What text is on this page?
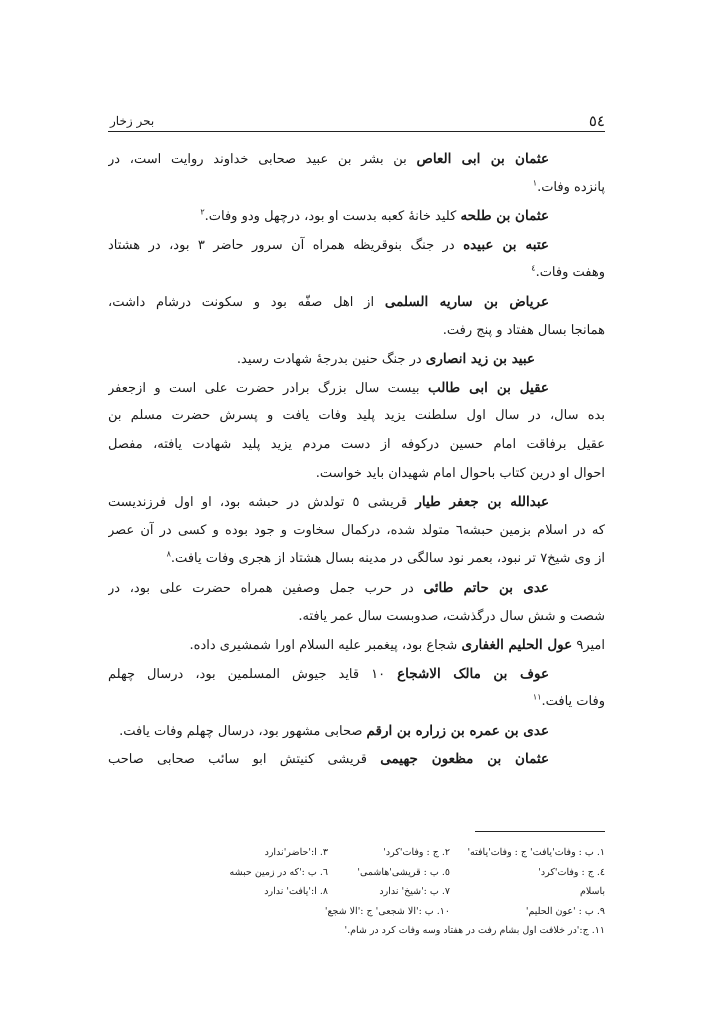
٥٤
بحر زخار
عثمان بن ابی العاص بن بشر بن عبید صحابی خداوند روایت است، در
پانزده وفات.$^١$
عثمان بن طلحه کلید خانهٔ کعبه بدست او بود، درچهل ودو وفات.$^٢$
عتبه بن عبیده در جنگ بنوقریظه همراه آن سرور حاضر ٣ بود، در هشتاد
وهفت وفات.$^٤$
عریاض بن ساریه السلمی از اهل صفّه بود و سکونت درشام داشت،
همانجا بسال هفتاد و پنج رفت.
عبید بن زید انصاری در جنگ حنین بدرجهٔ شهادت رسید.
عقیل بن ابی طالب بیست سال بزرگ برادر حضرت علی است و ازجعفر
بده سال، در سال اول سلطنت یزید پلید وفات یافت و پسرش حضرت مسلم بن
عقیل برفاقت امام حسین درکوفه از دست مردم یزید پلید شهادت یافته، مفصل
احوال او درین کتاب باحوال امام شهیدان باید خواست.
عبدالله بن جعفر طیار قریشی ٥ تولدش در حبشه بود، او اول فرزندیست
که در اسلام بزمین حبشه٦ متولد شده، درکمال سخاوت و جود بوده و کسی در آن عصر
از وی شیخ٧ تر نبود، بعمر نود سالگی در مدینه بسال هشتاد از هجری وفات یافت.$^٨$
عدی بن حاتم طائی در حرب جمل وصفین همراه حضرت علی بود، در
شصت و شش سال درگذشت، صدوبست سال عمر یافته.
امیر٩ عول الحلیم الغفاری شجاع بود، پیغمبر علیه السلام اورا شمشیری داده.
عوف بن مالک الاشجاع ١٠ قاید جیوش المسلمین بود، درسال چهلم
وفات یافت.$^{١١}$
عدی بن عمره بن زراره بن ارقم صحابی مشهور بود، درسال چهلم وفات یافت.
عثمان بن مظعون جهیمی قریشی کنیتش ابو سائب صحابی صاحب
١. ب : وفات'یافت' ج : وفات'یافته'
٢. ج : وفات'کرد'
٣. ا:'حاضر'ندارد
٤. ج : وفات'کرد'
٥. ب : قریشی'هاشمی'
٦. ب :'که در زمین حبشه
باسلام
٧. ب :'شیخ' ندارد
٨. ا:'یافت' ندارد
٩. ب : 'عون الحلیم'
١٠. ب :'الا شجعی' ج :'الا شجع'
١١. ج:'در خلافت اول بشام رفت در هفتاد وسه وفات کرد در شام.'
